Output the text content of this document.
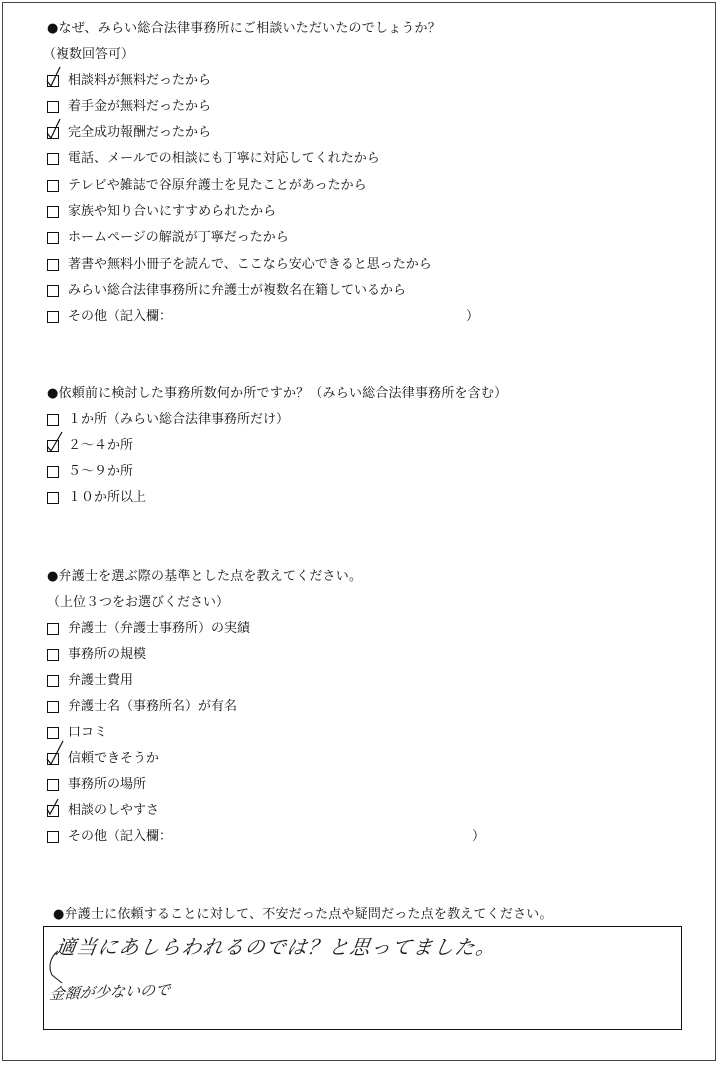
●なぜ、みらい総合法律事務所にご相談いただいたのでしょうか？
（複数回答可）
相談料が無料だったから
着手金が無料だったから
完全成功報酬だったから
電話、メールでの相談にも丁寧に対応してくれたから
テレビや雑誌で谷原弁護士を見たことがあったから
家族や知り合いにすすめられたから
ホームページの解説が丁寧だったから
著書や無料小冊子を読んで、ここなら安心できると思ったから
みらい総合法律事務所に弁護士が複数名在籍しているから
その他（記入欄：	）
●依頼前に検討した事務所数何か所ですか？（みらい総合法律事務所を含む）
１か所（みらい総合法律事務所だけ）
２～４か所
５～９か所
１０か所以上
●弁護士を選ぶ際の基準とした点を教えてください。
（上位３つをお選びください）
弁護士（弁護士事務所）の実績
事務所の規模
弁護士費用
弁護士名（事務所名）が有名
口コミ
信頼できそうか
事務所の場所
相談のしやすさ
その他（記入欄：	）
●弁護士に依頼することに対して、不安だった点や疑問だった点を教えてください。
適当にあしらわれるのでは？と思ってました。
金額が少ないので
